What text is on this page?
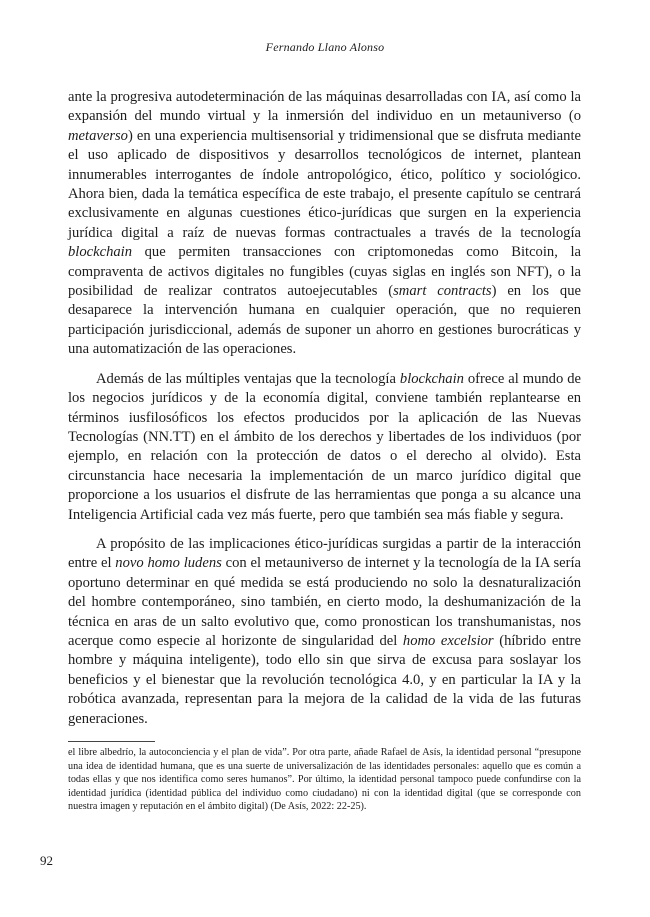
Fernando Llano Alonso

ante la progresiva autodeterminación de las máquinas desarrolladas con IA, así como la expansión del mundo virtual y la inmersión del individuo en un metauniverso (o metaverso) en una experiencia multisensorial y tridimensional que se disfruta mediante el uso aplicado de dispositivos y desarrollos tecnológicos de internet, plantean innumerables interrogantes de índole antropológico, ético, político y sociológico. Ahora bien, dada la temática específica de este trabajo, el presente capítulo se centrará exclusivamente en algunas cuestiones ético-jurídicas que surgen en la experiencia jurídica digital a raíz de nuevas formas contractuales a través de la tecnología blockchain que permiten transacciones con criptomonedas como Bitcoin, la compraventa de activos digitales no fungibles (cuyas siglas en inglés son NFT), o la posibilidad de realizar contratos autoejecutables (smart contracts) en los que desaparece la intervención humana en cualquier operación, que no requieren participación jurisdiccional, además de suponer un ahorro en gestiones burocráticas y una automatización de las operaciones.

Además de las múltiples ventajas que la tecnología blockchain ofrece al mundo de los negocios jurídicos y de la economía digital, conviene también replantearse en términos iusfilosóficos los efectos producidos por la aplicación de las Nuevas Tecnologías (NN.TT) en el ámbito de los derechos y libertades de los individuos (por ejemplo, en relación con la protección de datos o el derecho al olvido). Esta circunstancia hace necesaria la implementación de un marco jurídico digital que proporcione a los usuarios el disfrute de las herramientas que ponga a su alcance una Inteligencia Artificial cada vez más fuerte, pero que también sea más fiable y segura.

A propósito de las implicaciones ético-jurídicas surgidas a partir de la interacción entre el novo homo ludens con el metauniverso de internet y la tecnología de la IA sería oportuno determinar en qué medida se está produciendo no solo la desnaturalización del hombre contemporáneo, sino también, en cierto modo, la deshumanización de la técnica en aras de un salto evolutivo que, como pronostican los transhumanistas, nos acerque como especie al horizonte de singularidad del homo excelsior (híbrido entre hombre y máquina inteligente), todo ello sin que sirva de excusa para soslayar los beneficios y el bienestar que la revolución tecnológica 4.0, y en particular la IA y la robótica avanzada, representan para la mejora de la calidad de la vida de las futuras generaciones.

el libre albedrío, la autoconciencia y el plan de vida”. Por otra parte, añade Rafael de Asís, la identidad personal “presupone una idea de identidad humana, que es una suerte de universalización de las identidades personales: aquello que es común a todas ellas y que nos identifica como seres humanos”. Por último, la identidad personal tampoco puede confundirse con la identidad jurídica (identidad pública del individuo como ciudadano) ni con la identidad digital (que se corresponde con nuestra imagen y reputación en el ámbito digital) (De Asís, 2022: 22-25).

92
